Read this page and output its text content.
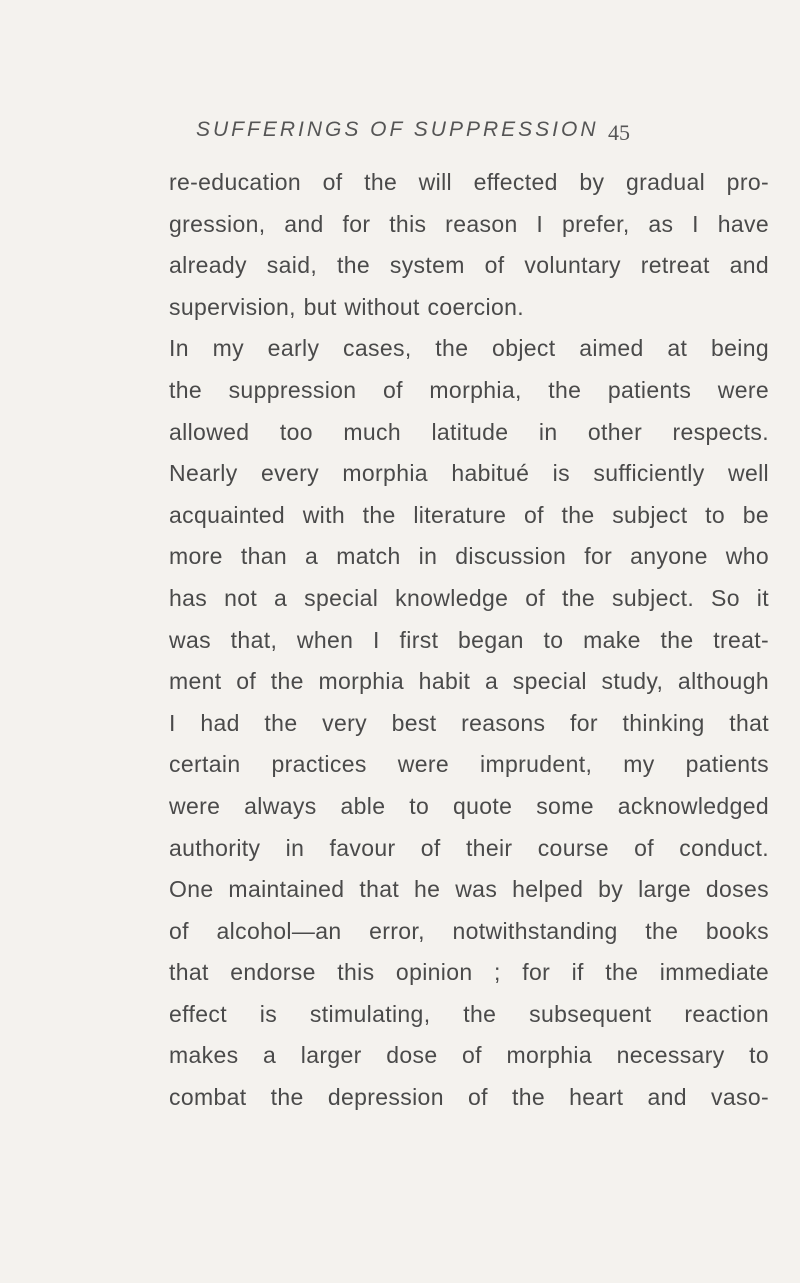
SUFFERINGS OF SUPPRESSION 45
re-education of the will effected by gradual pro-
gression, and for this reason I prefer, as I have
already said, the system of voluntary retreat and
supervision, but without coercion.
In my early cases, the object aimed at being
the suppression of morphia, the patients were
allowed too much latitude in other respects.
Nearly every morphia habitué is sufficiently well
acquainted with the literature of the subject to be
more than a match in discussion for anyone who
has not a special knowledge of the subject. So it
was that, when I first began to make the treat-
ment of the morphia habit a special study, although
I had the very best reasons for thinking that
certain practices were imprudent, my patients
were always able to quote some acknowledged
authority in favour of their course of conduct.
One maintained that he was helped by large doses
of alcohol—an error, notwithstanding the books
that endorse this opinion ; for if the immediate
effect is stimulating, the subsequent reaction
makes a larger dose of morphia necessary to
combat the depression of the heart and vaso-
